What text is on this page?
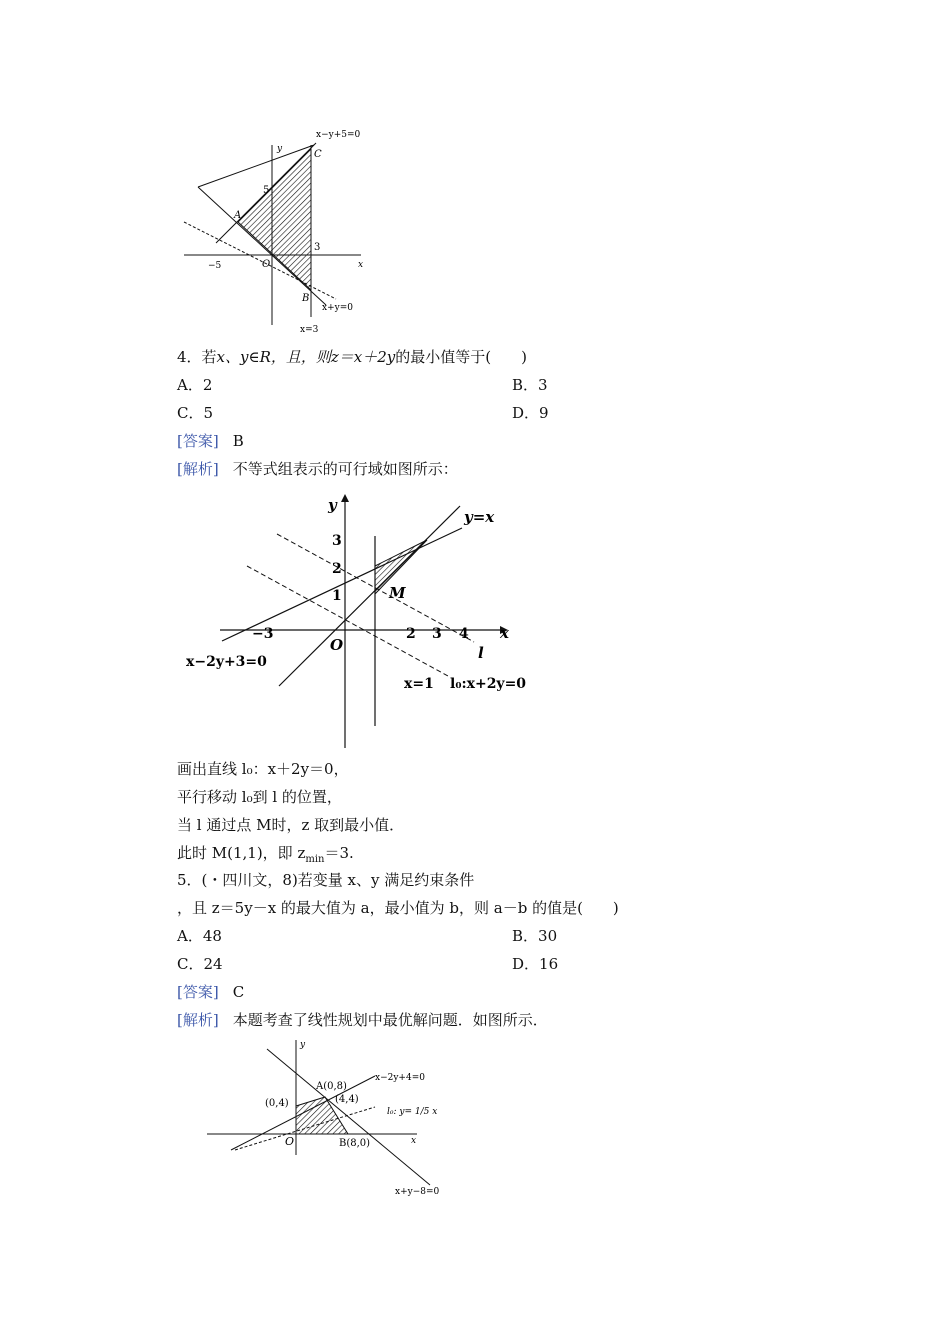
x−y+5=0
y	C
5
A
3
−5	O	x
B
x+y=0
x=3
4．若x、y∈R，且，则z＝x＋2y的最小值等于(　　)
A．2	B．3
C．5	D．9
[答案] B
[解析] 不等式组表示的可行域如图所示：
y
y=x
3
2
1	M
−3	2 3 4 x
O	l
x−2y+3=0
x=1 l₀:x+2y=0
画出直线 l₀：x＋2y＝0，
平行移动 l₀到 l 的位置，
当 l 通过点 M时，z 取到最小值．
此时 M(1,1)，即 $z_{min}=3$.
5．(・四川文，8)若变量 x、y 满足约束条件
，且 z＝5y－x 的最大值为 a，最小值为 b，则 a－b 的值是(　　)
A．48	B．30
C．24	D．16
[答案] C
[解析] 本题考查了线性规划中最优解问题．如图所示．
y
A(0,8)
x−2y+4=0
(0,4)	(4,4)
l₀: y= 1/5 x
x
O	B(8,0)
x+y−8=0
